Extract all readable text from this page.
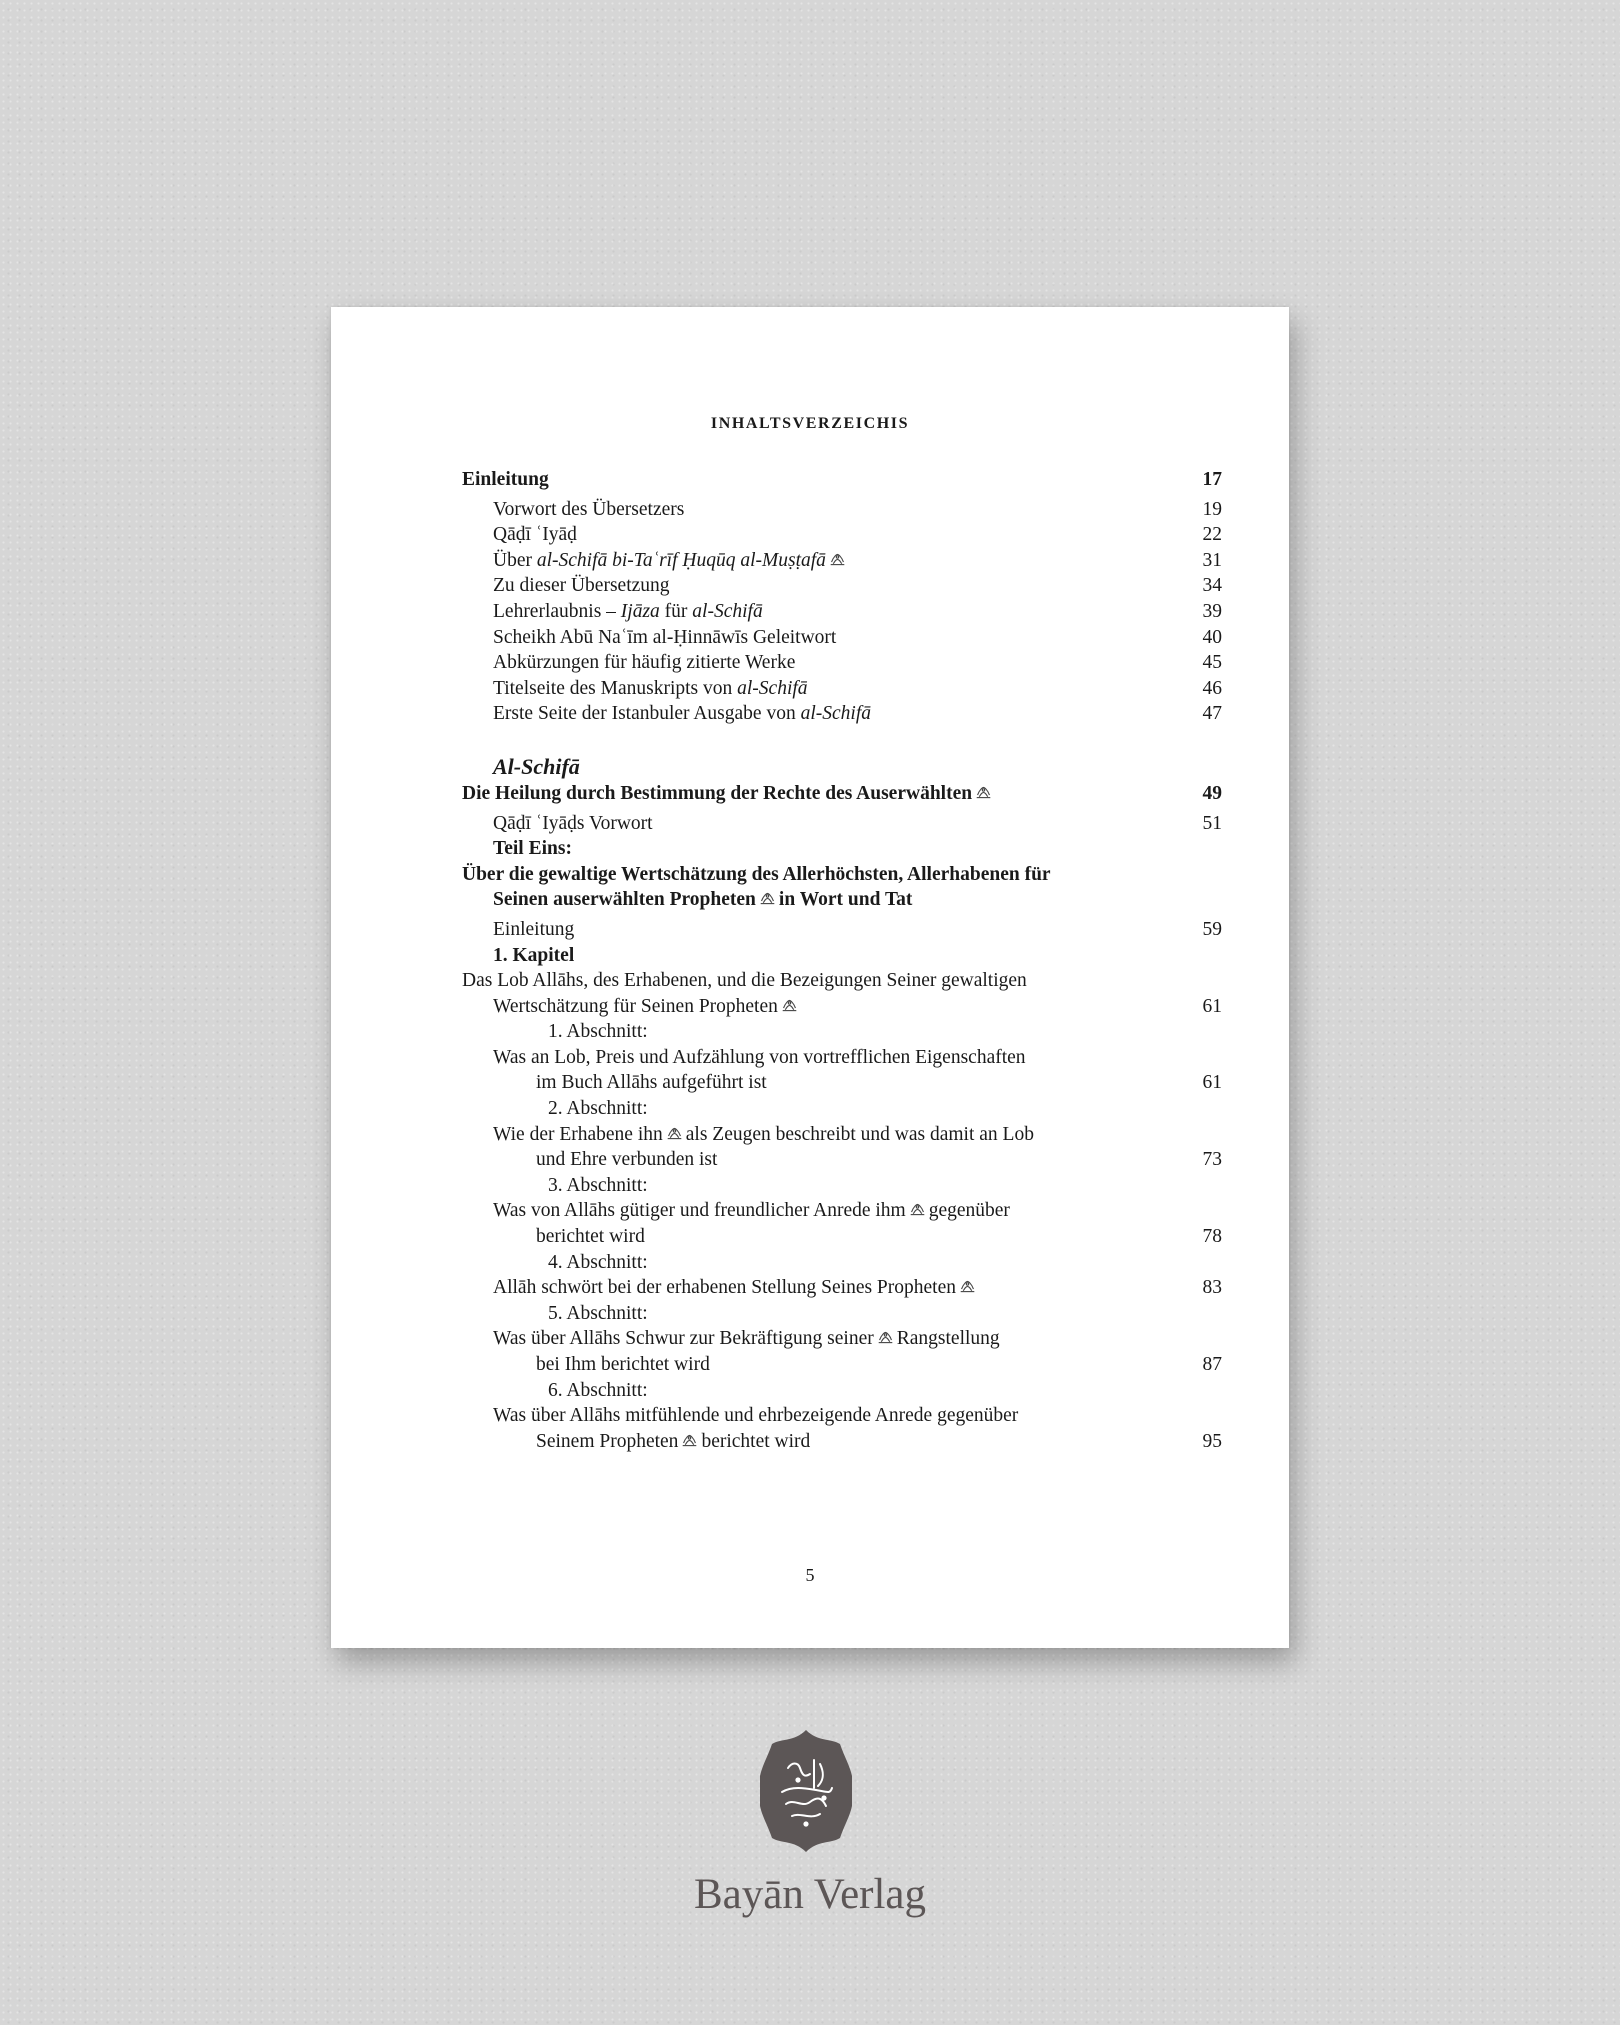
INHALTSVERZEICHIS
Einleitung	17
Vorwort des Übersetzers	19
Qāḍī ʿIyāḍ	22
Über al-Schifā bi-Taʿrīf Ḥuqūq al-Muṣṭafā	31
Zu dieser Übersetzung	34
Lehrerlaubnis – Ijāza für al-Schifā	39
Scheikh Abū Naʿīm al-Ḥinnāwīs Geleitwort	40
Abkürzungen für häufig zitierte Werke	45
Titelseite des Manuskripts von al-Schifā	46
Erste Seite der Istanbuler Ausgabe von al-Schifā	47
Al-Schifā
Die Heilung durch Bestimmung der Rechte des Auserwählten	49
Qāḍī ʿIyāḍs Vorwort	51
Teil Eins:
Über die gewaltige Wertschätzung des Allerhöchsten, Allerhabenen für
Seinen auserwählten Propheten in Wort und Tat
Einleitung	59
1. Kapitel
Das Lob Allāhs, des Erhabenen, und die Bezeigungen Seiner gewaltigen
Wertschätzung für Seinen Propheten	61
1. Abschnitt:
Was an Lob, Preis und Aufzählung von vortrefflichen Eigenschaften
im Buch Allāhs aufgeführt ist	61
2. Abschnitt:
Wie der Erhabene ihn als Zeugen beschreibt und was damit an Lob
und Ehre verbunden ist	73
3. Abschnitt:
Was von Allāhs gütiger und freundlicher Anrede ihm gegenüber
berichtet wird	78
4. Abschnitt:
Allāh schwört bei der erhabenen Stellung Seines Propheten	83
5. Abschnitt:
Was über Allāhs Schwur zur Bekräftigung seiner Rangstellung
bei Ihm berichtet wird	87
6. Abschnitt:
Was über Allāhs mitfühlende und ehrbezeigende Anrede gegenüber
Seinem Propheten berichtet wird	95
5
Bayān Verlag
